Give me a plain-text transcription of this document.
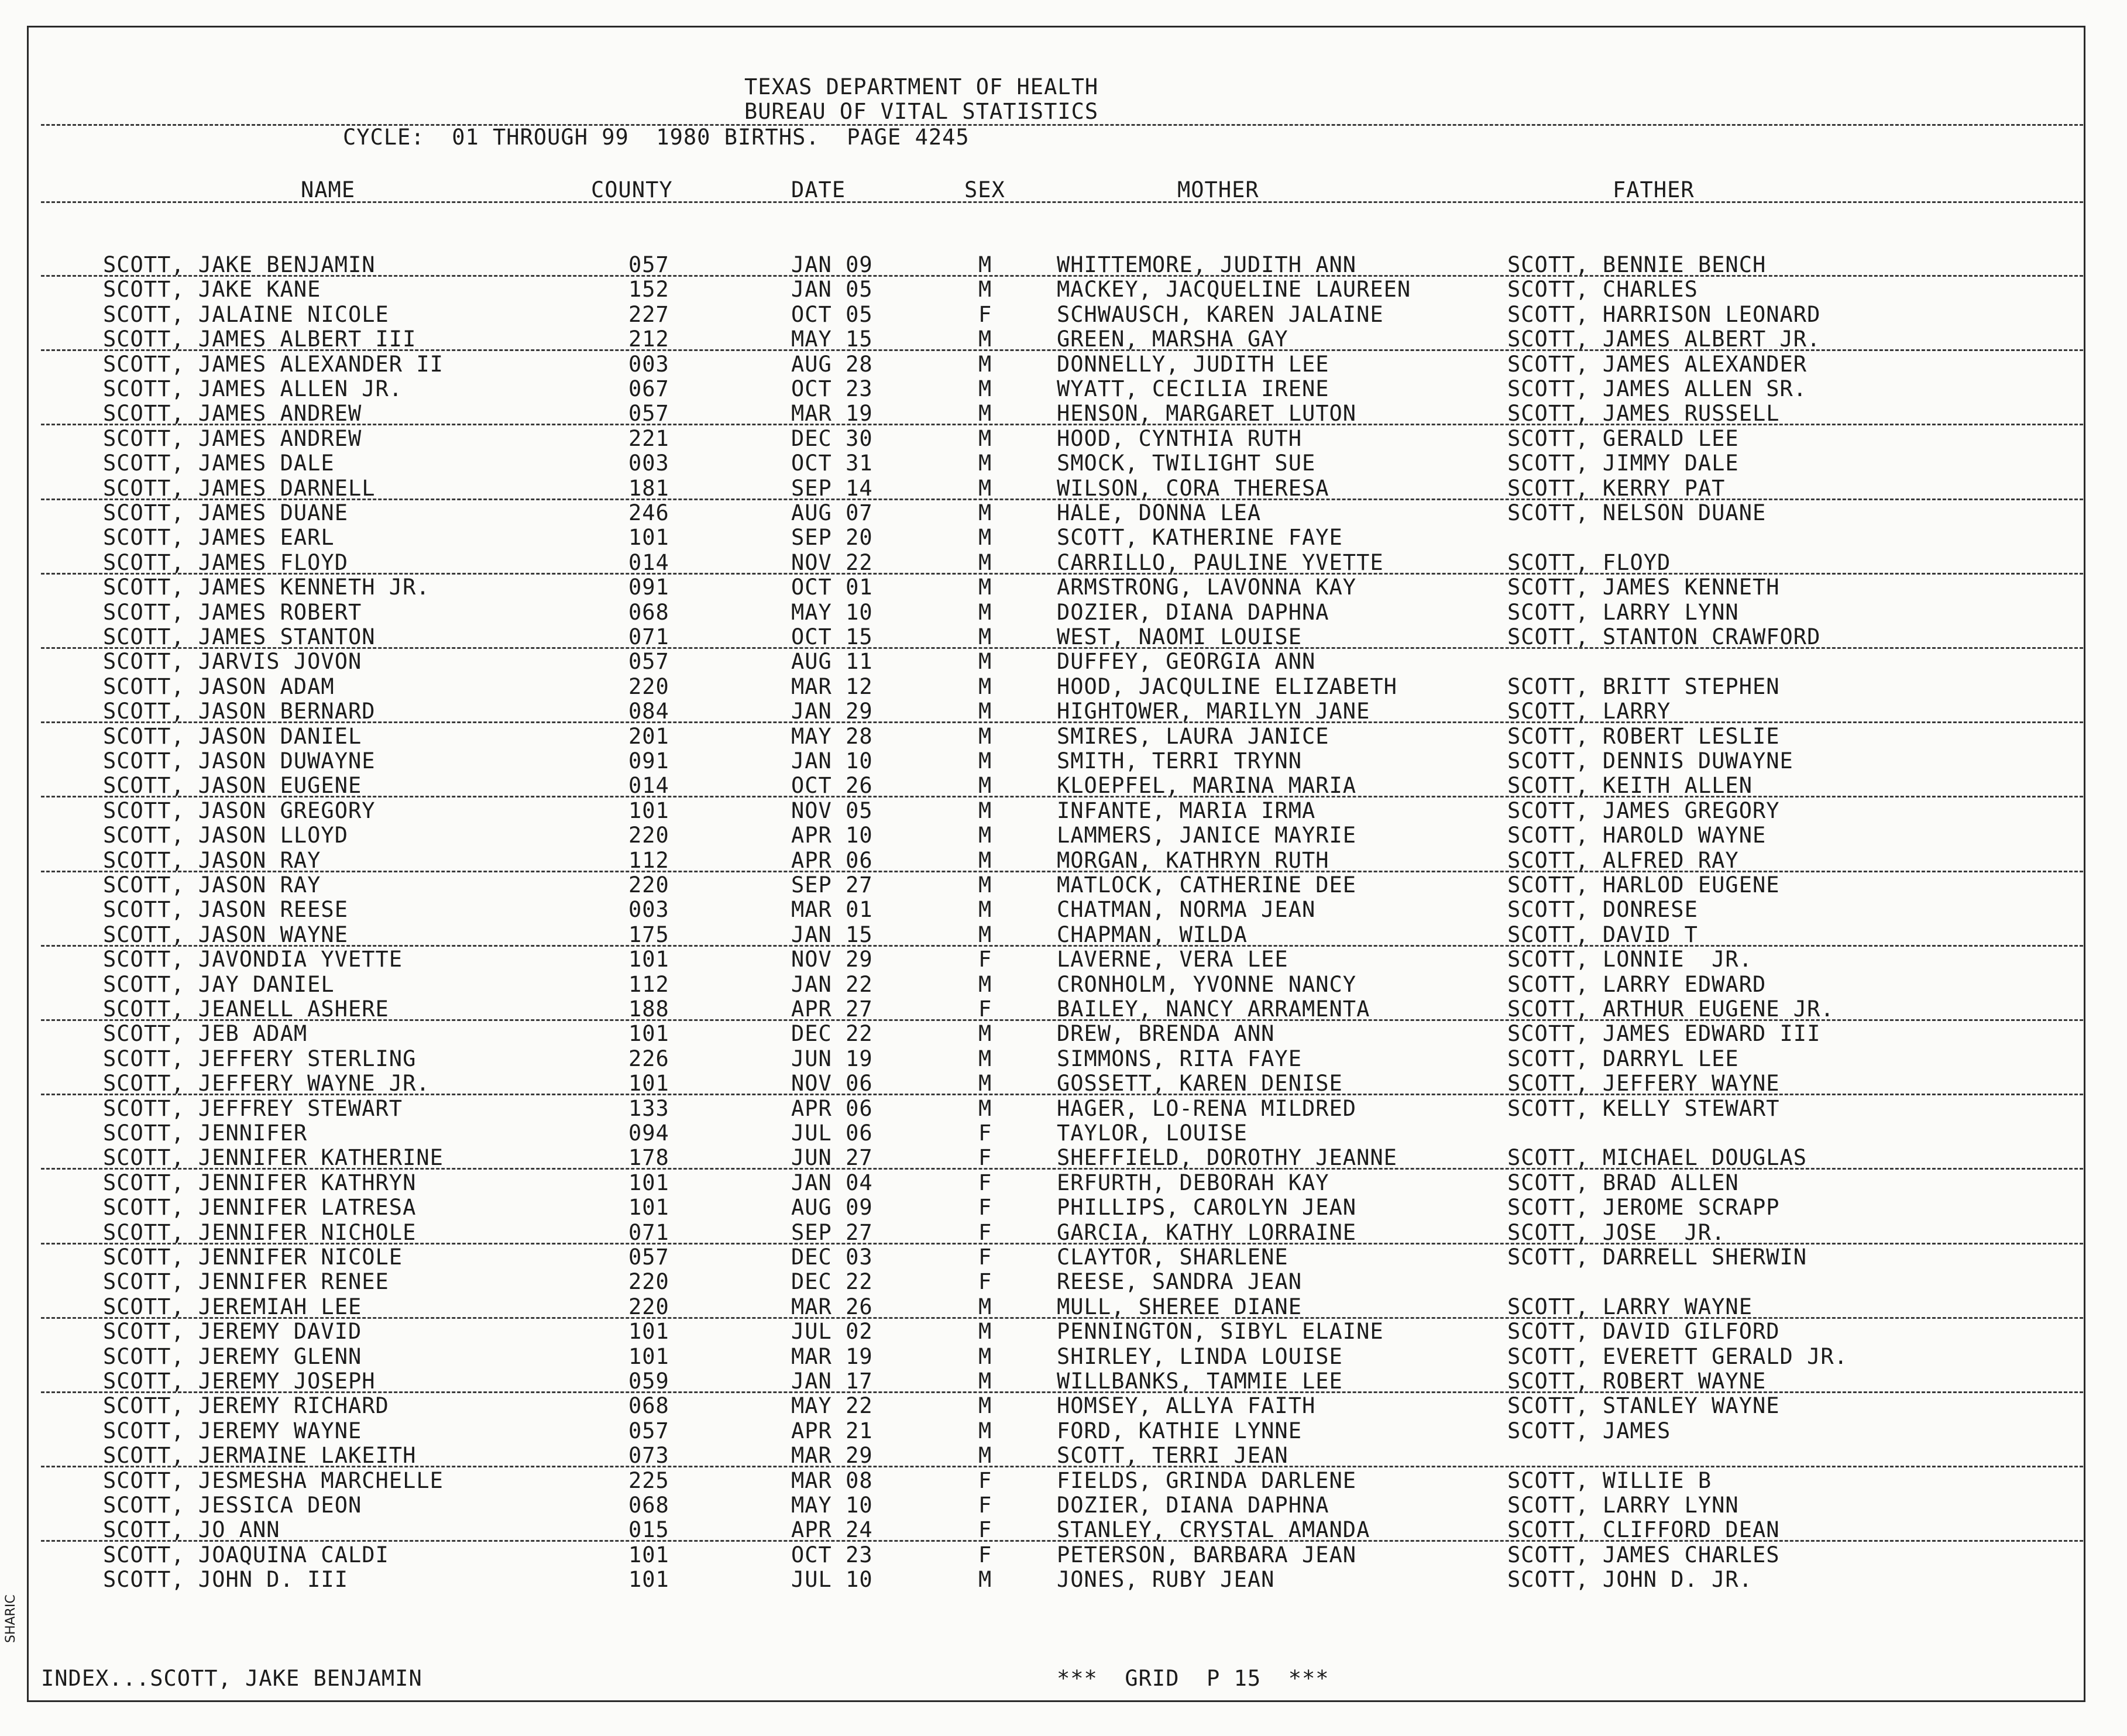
TEXAS DEPARTMENT OF HEALTH
BUREAU OF VITAL STATISTICS
CYCLE:  01 THROUGH 99  1980 BIRTHS.  PAGE 4245
NAME	COUNTY	DATE	SEX	MOTHER	FATHER
SCOTT, JAKE BENJAMIN	057	JAN 09	M	WHITTEMORE, JUDITH ANN	SCOTT, BENNIE BENCH
SCOTT, JAKE KANE	152	JAN 05	M	MACKEY, JACQUELINE LAUREEN	SCOTT, CHARLES
SCOTT, JALAINE NICOLE	227	OCT 05	F	SCHWAUSCH, KAREN JALAINE	SCOTT, HARRISON LEONARD
SCOTT, JAMES ALBERT III	212	MAY 15	M	GREEN, MARSHA GAY	SCOTT, JAMES ALBERT JR.
SCOTT, JAMES ALEXANDER II	003	AUG 28	M	DONNELLY, JUDITH LEE	SCOTT, JAMES ALEXANDER
SCOTT, JAMES ALLEN JR.	067	OCT 23	M	WYATT, CECILIA IRENE	SCOTT, JAMES ALLEN SR.
SCOTT, JAMES ANDREW	057	MAR 19	M	HENSON, MARGARET LUTON	SCOTT, JAMES RUSSELL
SCOTT, JAMES ANDREW	221	DEC 30	M	HOOD, CYNTHIA RUTH	SCOTT, GERALD LEE
SCOTT, JAMES DALE	003	OCT 31	M	SMOCK, TWILIGHT SUE	SCOTT, JIMMY DALE
SCOTT, JAMES DARNELL	181	SEP 14	M	WILSON, CORA THERESA	SCOTT, KERRY PAT
SCOTT, JAMES DUANE	246	AUG 07	M	HALE, DONNA LEA	SCOTT, NELSON DUANE
SCOTT, JAMES EARL	101	SEP 20	M	SCOTT, KATHERINE FAYE
SCOTT, JAMES FLOYD	014	NOV 22	M	CARRILLO, PAULINE YVETTE	SCOTT, FLOYD
SCOTT, JAMES KENNETH JR.	091	OCT 01	M	ARMSTRONG, LAVONNA KAY	SCOTT, JAMES KENNETH
SCOTT, JAMES ROBERT	068	MAY 10	M	DOZIER, DIANA DAPHNA	SCOTT, LARRY LYNN
SCOTT, JAMES STANTON	071	OCT 15	M	WEST, NAOMI LOUISE	SCOTT, STANTON CRAWFORD
SCOTT, JARVIS JOVON	057	AUG 11	M	DUFFEY, GEORGIA ANN
SCOTT, JASON ADAM	220	MAR 12	M	HOOD, JACQULINE ELIZABETH	SCOTT, BRITT STEPHEN
SCOTT, JASON BERNARD	084	JAN 29	M	HIGHTOWER, MARILYN JANE	SCOTT, LARRY
SCOTT, JASON DANIEL	201	MAY 28	M	SMIRES, LAURA JANICE	SCOTT, ROBERT LESLIE
SCOTT, JASON DUWAYNE	091	JAN 10	M	SMITH, TERRI TRYNN	SCOTT, DENNIS DUWAYNE
SCOTT, JASON EUGENE	014	OCT 26	M	KLOEPFEL, MARINA MARIA	SCOTT, KEITH ALLEN
SCOTT, JASON GREGORY	101	NOV 05	M	INFANTE, MARIA IRMA	SCOTT, JAMES GREGORY
SCOTT, JASON LLOYD	220	APR 10	M	LAMMERS, JANICE MAYRIE	SCOTT, HAROLD WAYNE
SCOTT, JASON RAY	112	APR 06	M	MORGAN, KATHRYN RUTH	SCOTT, ALFRED RAY
SCOTT, JASON RAY	220	SEP 27	M	MATLOCK, CATHERINE DEE	SCOTT, HARLOD EUGENE
SCOTT, JASON REESE	003	MAR 01	M	CHATMAN, NORMA JEAN	SCOTT, DONRESE
SCOTT, JASON WAYNE	175	JAN 15	M	CHAPMAN, WILDA	SCOTT, DAVID T
SCOTT, JAVONDIA YVETTE	101	NOV 29	F	LAVERNE, VERA LEE	SCOTT, LONNIE  JR.
SCOTT, JAY DANIEL	112	JAN 22	M	CRONHOLM, YVONNE NANCY	SCOTT, LARRY EDWARD
SCOTT, JEANELL ASHERE	188	APR 27	F	BAILEY, NANCY ARRAMENTA	SCOTT, ARTHUR EUGENE JR.
SCOTT, JEB ADAM	101	DEC 22	M	DREW, BRENDA ANN	SCOTT, JAMES EDWARD III
SCOTT, JEFFERY STERLING	226	JUN 19	M	SIMMONS, RITA FAYE	SCOTT, DARRYL LEE
SCOTT, JEFFERY WAYNE JR.	101	NOV 06	M	GOSSETT, KAREN DENISE	SCOTT, JEFFERY WAYNE
SCOTT, JEFFREY STEWART	133	APR 06	M	HAGER, LO-RENA MILDRED	SCOTT, KELLY STEWART
SCOTT, JENNIFER	094	JUL 06	F	TAYLOR, LOUISE
SCOTT, JENNIFER KATHERINE	178	JUN 27	F	SHEFFIELD, DOROTHY JEANNE	SCOTT, MICHAEL DOUGLAS
SCOTT, JENNIFER KATHRYN	101	JAN 04	F	ERFURTH, DEBORAH KAY	SCOTT, BRAD ALLEN
SCOTT, JENNIFER LATRESA	101	AUG 09	F	PHILLIPS, CAROLYN JEAN	SCOTT, JEROME SCRAPP
SCOTT, JENNIFER NICHOLE	071	SEP 27	F	GARCIA, KATHY LORRAINE	SCOTT, JOSE  JR.
SCOTT, JENNIFER NICOLE	057	DEC 03	F	CLAYTOR, SHARLENE	SCOTT, DARRELL SHERWIN
SCOTT, JENNIFER RENEE	220	DEC 22	F	REESE, SANDRA JEAN
SCOTT, JEREMIAH LEE	220	MAR 26	M	MULL, SHEREE DIANE	SCOTT, LARRY WAYNE
SCOTT, JEREMY DAVID	101	JUL 02	M	PENNINGTON, SIBYL ELAINE	SCOTT, DAVID GILFORD
SCOTT, JEREMY GLENN	101	MAR 19	M	SHIRLEY, LINDA LOUISE	SCOTT, EVERETT GERALD JR.
SCOTT, JEREMY JOSEPH	059	JAN 17	M	WILLBANKS, TAMMIE LEE	SCOTT, ROBERT WAYNE
SCOTT, JEREMY RICHARD	068	MAY 22	M	HOMSEY, ALLYA FAITH	SCOTT, STANLEY WAYNE
SCOTT, JEREMY WAYNE	057	APR 21	M	FORD, KATHIE LYNNE	SCOTT, JAMES
SCOTT, JERMAINE LAKEITH	073	MAR 29	M	SCOTT, TERRI JEAN
SCOTT, JESMESHA MARCHELLE	225	MAR 08	F	FIELDS, GRINDA DARLENE	SCOTT, WILLIE B
SCOTT, JESSICA DEON	068	MAY 10	F	DOZIER, DIANA DAPHNA	SCOTT, LARRY LYNN
SCOTT, JO ANN	015	APR 24	F	STANLEY, CRYSTAL AMANDA	SCOTT, CLIFFORD DEAN
SCOTT, JOAQUINA CALDI	101	OCT 23	F	PETERSON, BARBARA JEAN	SCOTT, JAMES CHARLES
SCOTT, JOHN D. III	101	JUL 10	M	JONES, RUBY JEAN	SCOTT, JOHN D. JR.
INDEX...SCOTT, JAKE BENJAMIN	***  GRID  P 15  ***
SHARIC
